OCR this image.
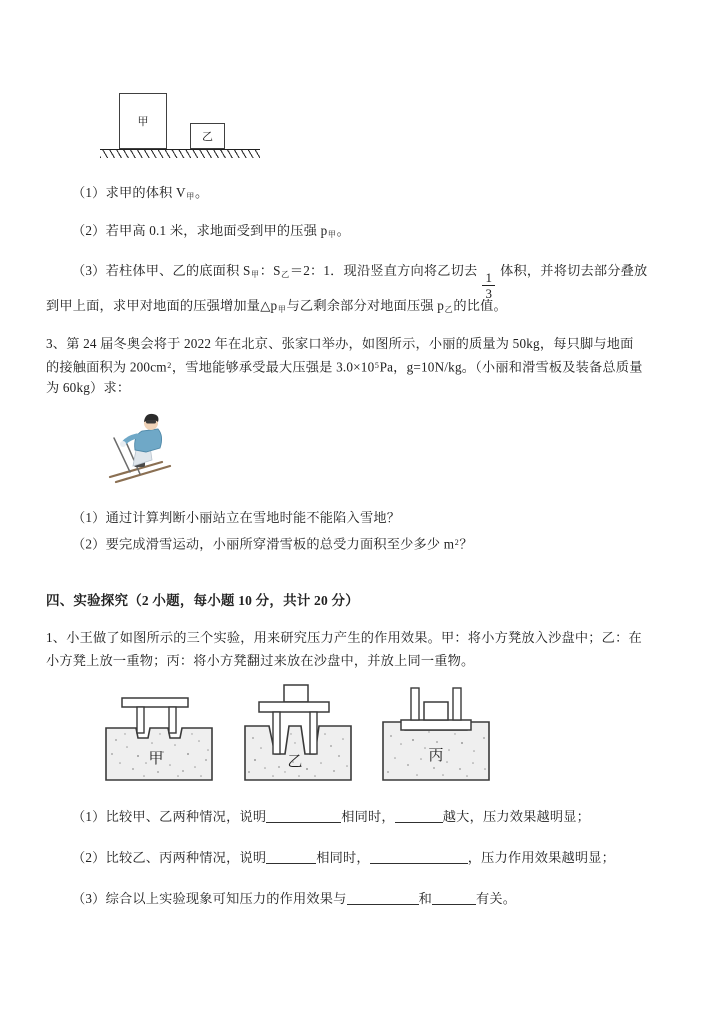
甲
乙
（1）求甲的体积 $V_甲$。
（2）若甲高 0.1 米，求地面受到甲的压强 $p_甲$。
（3）若柱体甲、乙的底面积 $S_甲$：$S_乙=2$：1．现沿竖直方向将乙切去
$\frac{1}{3}$
体积，并将切去部分叠放
到甲上面，求甲对地面的压强增加量$\triangle p_甲$与乙剩余部分对地面压强 $p_乙$的比值。
3、第 24 届冬奥会将于 2022 年在北京、张家口举办，如图所示，小丽的质量为 50kg，每只脚与地面
的接触面积为 $200cm^2$，雪地能够承受最大压强是 $3.0\times 10^5Pa$，g=10N/kg。（小丽和滑雪板及装备总质量
为 60kg）求：
（1）通过计算判断小丽站立在雪地时能不能陷入雪地？
（2）要完成滑雪运动，小丽所穿滑雪板的总受力面积至少多少 $m^2$？
四、实验探究（2 小题，每小题 10 分，共计 20 分）
1、小王做了如图所示的三个实验，用来研究压力产生的作用效果。甲：将小方凳放入沙盘中；乙：在
小方凳上放一重物；丙：将小方凳翻过来放在沙盘中，并放上同一重物。
甲	乙	丙
（1）比较甲、乙两种情况，说明	相同时，	越大，压力效果越明显；
（2）比较乙、丙两种情况，说明	相同时，	，压力作用效果越明显；
（3）综合以上实验现象可知压力的作用效果与	和	有关。
